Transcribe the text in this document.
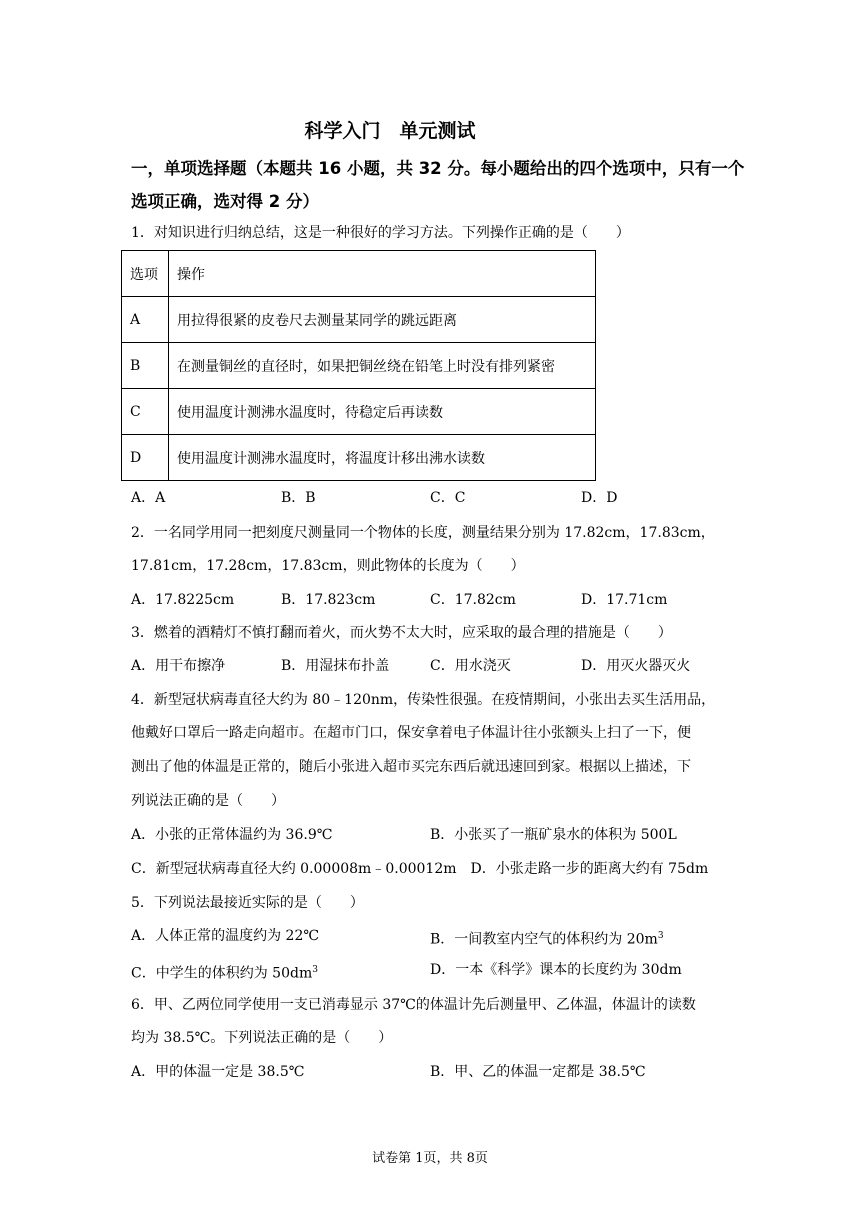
科学入门　单元测试
一，单项选择题（本题共 16 小题，共 32 分。每小题给出的四个选项中，只有一个选项正确，选对得 2 分）
1．对知识进行归纳总结，这是一种很好的学习方法。下列操作正确的是（　　）
选项	操作
A	用拉得很紧的皮卷尺去测量某同学的跳远距离
B	在测量铜丝的直径时，如果把铜丝绕在铅笔上时没有排列紧密
C	使用温度计测沸水温度时，待稳定后再读数
D	使用温度计测沸水温度时，将温度计移出沸水读数
A．A	B．B	C．C	D．D
2．一名同学用同一把刻度尺测量同一个物体的长度，测量结果分别为 17.82cm，17.83cm，
17.81cm，17.28cm，17.83cm，则此物体的长度为（　　）
A．17.8225cm	B．17.823cm	C．17.82cm	D．17.71cm
3．燃着的酒精灯不慎打翻而着火，而火势不太大时，应采取的最合理的措施是（　　）
A．用干布擦净	B．用湿抹布扑盖	C．用水浇灭	D．用灭火器灭火
4．新型冠状病毒直径大约为 80﹣120nm，传染性很强。在疫情期间，小张出去买生活用品，
他戴好口罩后一路走向超市。在超市门口，保安拿着电子体温计往小张额头上扫了一下，便
测出了他的体温是正常的，随后小张进入超市买完东西后就迅速回到家。根据以上描述，下
列说法正确的是（　　）
A．小张的正常体温约为 36.9℃	B．小张买了一瓶矿泉水的体积为 500L
C．新型冠状病毒直径大约 0.00008m﹣0.00012m　D．小张走路一步的距离大约有 75dm
5．下列说法最接近实际的是（　　）
A．人体正常的温度约为 22℃	B．一间教室内空气的体积约为 $20m^3$
C．中学生的体积约为 $50dm^3$	D．一本《科学》课本的长度约为 30dm
6．甲、乙两位同学使用一支已消毒显示 37℃的体温计先后测量甲、乙体温，体温计的读数
均为 38.5℃。下列说法正确的是（　　）
A．甲的体温一定是 38.5℃	B．甲、乙的体温一定都是 38.5℃
试卷第 1页，共 8页
